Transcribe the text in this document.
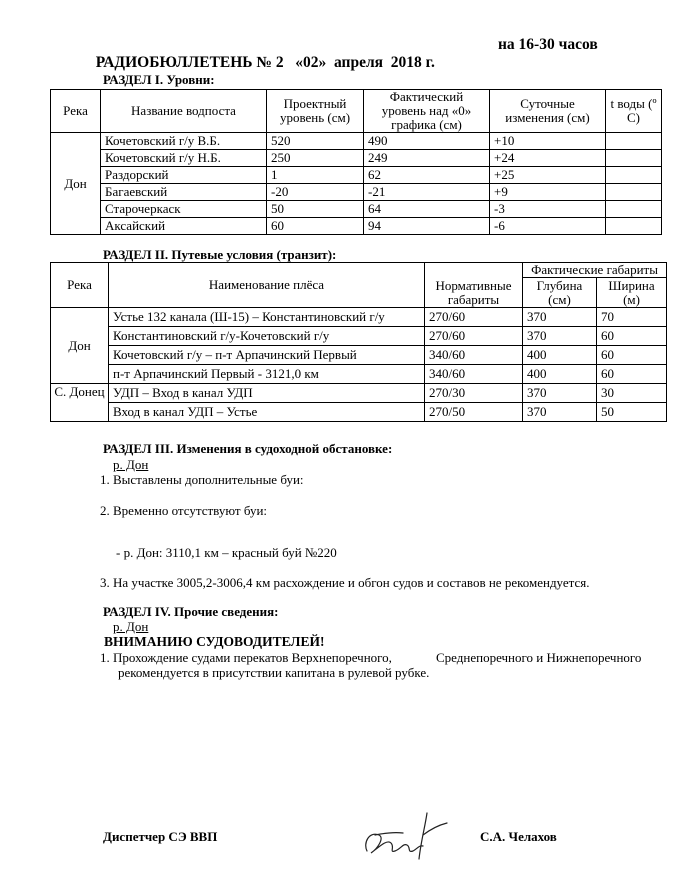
РАДИОБЮЛЛЕТЕНЬ № 2   «02»  апреля  2018 г.

на 16-30 часов

РАЗДЕЛ I. Уровни:
Река	Название водпоста	Проектный уровень (см)	Фактический уровень над «0» графика (см)	Суточные изменения (см)	t воды (º С)
Дон	Кочетовский г/у В.Б.	520	490	+10	
	Кочетовский г/у Н.Б.	250	249	+24	
	Раздорский	1	62	+25	
	Багаевский	-20	-21	+9	
	Старочеркаск	50	64	-3	
	Аксайский	60	94	-6	
РАЗДЕЛ II. Путевые условия (транзит):
Река	Наименование плёса	Нормативные габариты	Фактические габариты	
			Глубина (см)	Ширина (м)
Дон	Устье 132 канала (Ш-15) – Константиновский г/у	270/60	370	70
	Константиновский г/у-Кочетовский г/у	270/60	370	60
	Кочетовский г/у – п-т Арпачинский Первый	340/60	400	60
	п-т Арпачинский Первый - 3121,0 км	340/60	400	60
С. Донец	УДП – Вход в канал УДП	270/30	370	30
	Вход в канал УДП – Устье	270/50	370	50
РАЗДЕЛ III. Изменения в судоходной обстановке:
р. Дон
1. Выставлены дополнительные буи:
2. Временно отсутствуют буи:
- р. Дон: 3110,1 км – красный буй №220
3. На участке 3005,2-3006,4 км расхождение и обгон судов и составов не рекомендуется.
РАЗДЕЛ IV. Прочие сведения:
р. Дон
ВНИМАНИЮ СУДОВОДИТЕЛЕЙ!
1. Прохождение судами перекатов Верхнепоречного,	Среднепоречного и Нижнепоречного
рекомендуется в присутствии капитана в рулевой рубке.
Диспетчер СЭ ВВП	С.А. Челахов
